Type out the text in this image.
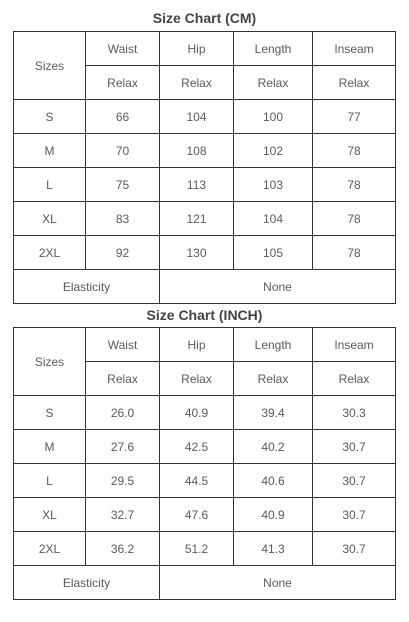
Size Chart (CM)
Sizes	Waist	Hip	Length	Inseam
	Relax	Relax	Relax	Relax
S	66	104	100	77
M	70	108	102	78
L	75	113	103	78
XL	83	121	104	78
2XL	92	130	105	78
Elasticity		None		
Size Chart (INCH)
Sizes	Waist	Hip	Length	Inseam
	Relax	Relax	Relax	Relax
S	26.0	40.9	39.4	30.3
M	27.6	42.5	40.2	30.7
L	29.5	44.5	40.6	30.7
XL	32.7	47.6	40.9	30.7
2XL	36.2	51.2	41.3	30.7
Elasticity		None		
